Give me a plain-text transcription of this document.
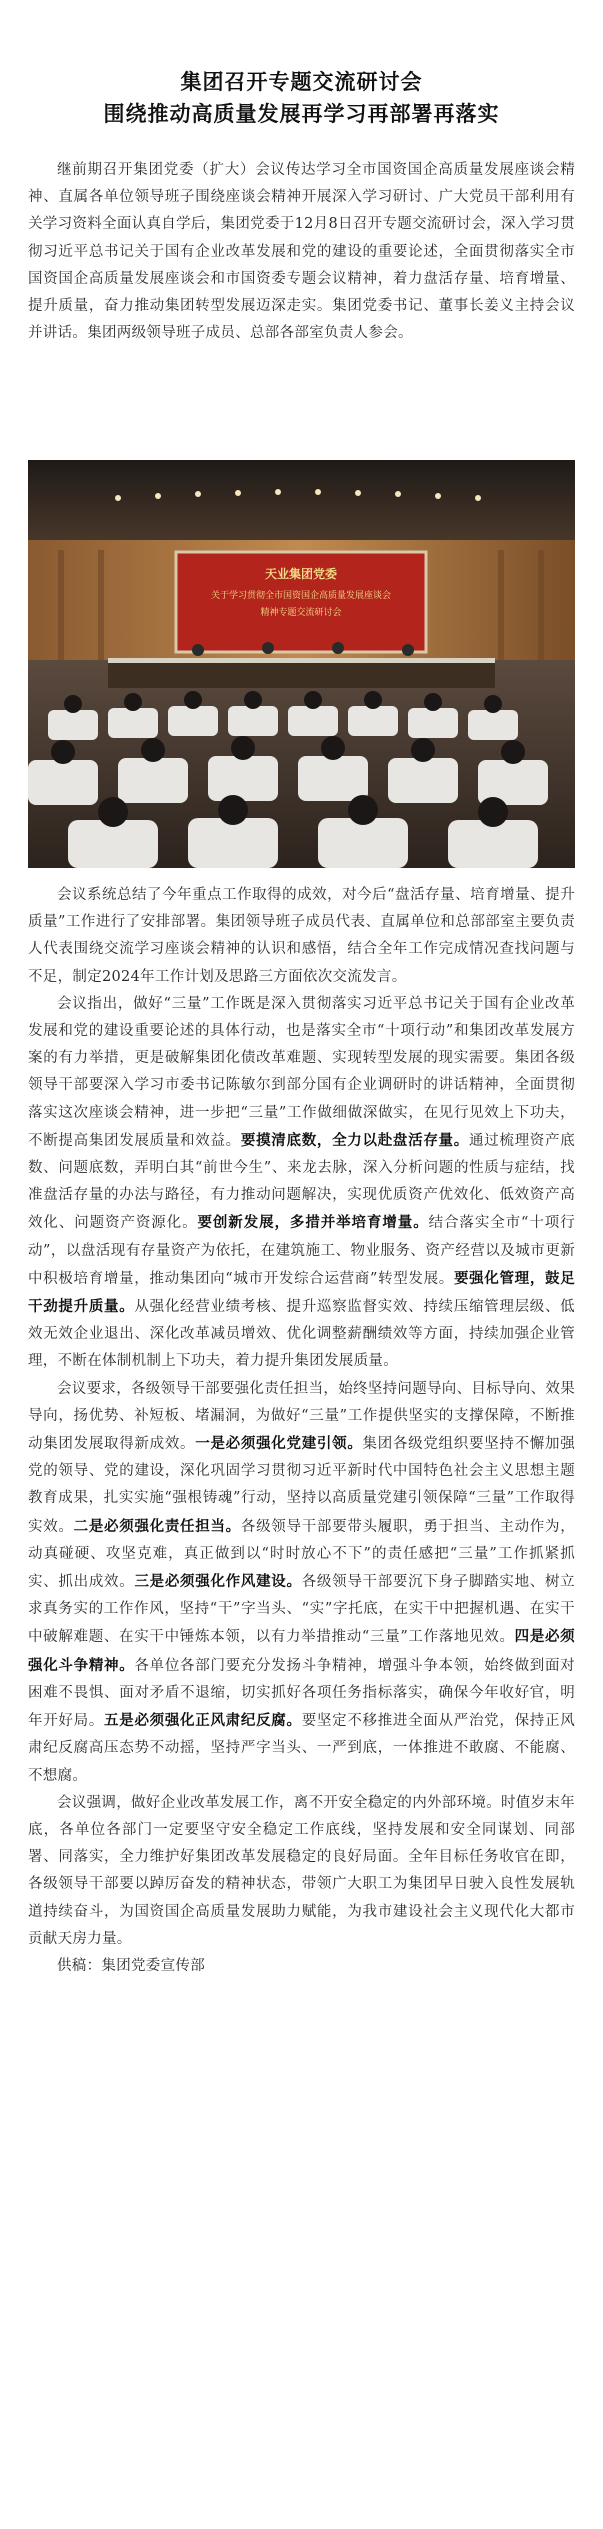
集团召开专题交流研讨会
围绕推动高质量发展再学习再部署再落实

继前期召开集团党委（扩大）会议传达学习全市国资国企高质量发展座谈会精神、直属各单位领导班子围绕座谈会精神开展深入学习研讨、广大党员干部利用有关学习资料全面认真自学后，集团党委于12月8日召开专题交流研讨会，深入学习贯彻习近平总书记关于国有企业改革发展和党的建设的重要论述，全面贯彻落实全市国资国企高质量发展座谈会和市国资委专题会议精神，着力盘活存量、培育增量、提升质量，奋力推动集团转型发展迈深走实。集团党委书记、董事长姜义主持会议并讲话。集团两级领导班子成员、总部各部室负责人参会。

天业集团党委
关于学习贯彻全市国资国企高质量发展座谈会
精神专题交流研讨会

会议系统总结了今年重点工作取得的成效，对今后“盘活存量、培育增量、提升质量”工作进行了安排部署。集团领导班子成员代表、直属单位和总部部室主要负责人代表围绕交流学习座谈会精神的认识和感悟，结合全年工作完成情况查找问题与不足，制定2024年工作计划及思路三方面依次交流发言。

会议指出，做好“三量”工作既是深入贯彻落实习近平总书记关于国有企业改革发展和党的建设重要论述的具体行动，也是落实全市“十项行动”和集团改革发展方案的有力举措，更是破解集团化债改革难题、实现转型发展的现实需要。集团各级领导干部要深入学习市委书记陈敏尔到部分国有企业调研时的讲话精神，全面贯彻落实这次座谈会精神，进一步把“三量”工作做细做深做实，在见行见效上下功夫，不断提高集团发展质量和效益。要摸清底数，全力以赴盘活存量。通过梳理资产底数、问题底数，弄明白其“前世今生”、来龙去脉，深入分析问题的性质与症结，找准盘活存量的办法与路径，有力推动问题解决，实现优质资产优效化、低效资产高效化、问题资产资源化。要创新发展，多措并举培育增量。结合落实全市“十项行动”，以盘活现有存量资产为依托，在建筑施工、物业服务、资产经营以及城市更新中积极培育增量，推动集团向“城市开发综合运营商”转型发展。要强化管理，鼓足干劲提升质量。从强化经营业绩考核、提升巡察监督实效、持续压缩管理层级、低效无效企业退出、深化改革减员增效、优化调整薪酬绩效等方面，持续加强企业管理，不断在体制机制上下功夫，着力提升集团发展质量。

会议要求，各级领导干部要强化责任担当，始终坚持问题导向、目标导向、效果导向，扬优势、补短板、堵漏洞，为做好“三量”工作提供坚实的支撑保障，不断推动集团发展取得新成效。一是必须强化党建引领。集团各级党组织要坚持不懈加强党的领导、党的建设，深化巩固学习贯彻习近平新时代中国特色社会主义思想主题教育成果，扎实实施“强根铸魂”行动，坚持以高质量党建引领保障“三量”工作取得实效。二是必须强化责任担当。各级领导干部要带头履职，勇于担当、主动作为，动真碰硬、攻坚克难，真正做到以“时时放心不下”的责任感把“三量”工作抓紧抓实、抓出成效。三是必须强化作风建设。各级领导干部要沉下身子脚踏实地、树立求真务实的工作作风，坚持“干”字当头、“实”字托底，在实干中把握机遇、在实干中破解难题、在实干中锤炼本领，以有力举措推动“三量”工作落地见效。四是必须强化斗争精神。各单位各部门要充分发扬斗争精神，增强斗争本领，始终做到面对困难不畏惧、面对矛盾不退缩，切实抓好各项任务指标落实，确保今年收好官，明年开好局。五是必须强化正风肃纪反腐。要坚定不移推进全面从严治党，保持正风肃纪反腐高压态势不动摇，坚持严字当头、一严到底，一体推进不敢腐、不能腐、不想腐。

会议强调，做好企业改革发展工作，离不开安全稳定的内外部环境。时值岁末年底，各单位各部门一定要坚守安全稳定工作底线，坚持发展和安全同谋划、同部署、同落实，全力维护好集团改革发展稳定的良好局面。全年目标任务收官在即，各级领导干部要以踔厉奋发的精神状态，带领广大职工为集团早日驶入良性发展轨道持续奋斗，为国资国企高质量发展助力赋能，为我市建设社会主义现代化大都市贡献天房力量。

供稿：集团党委宣传部
